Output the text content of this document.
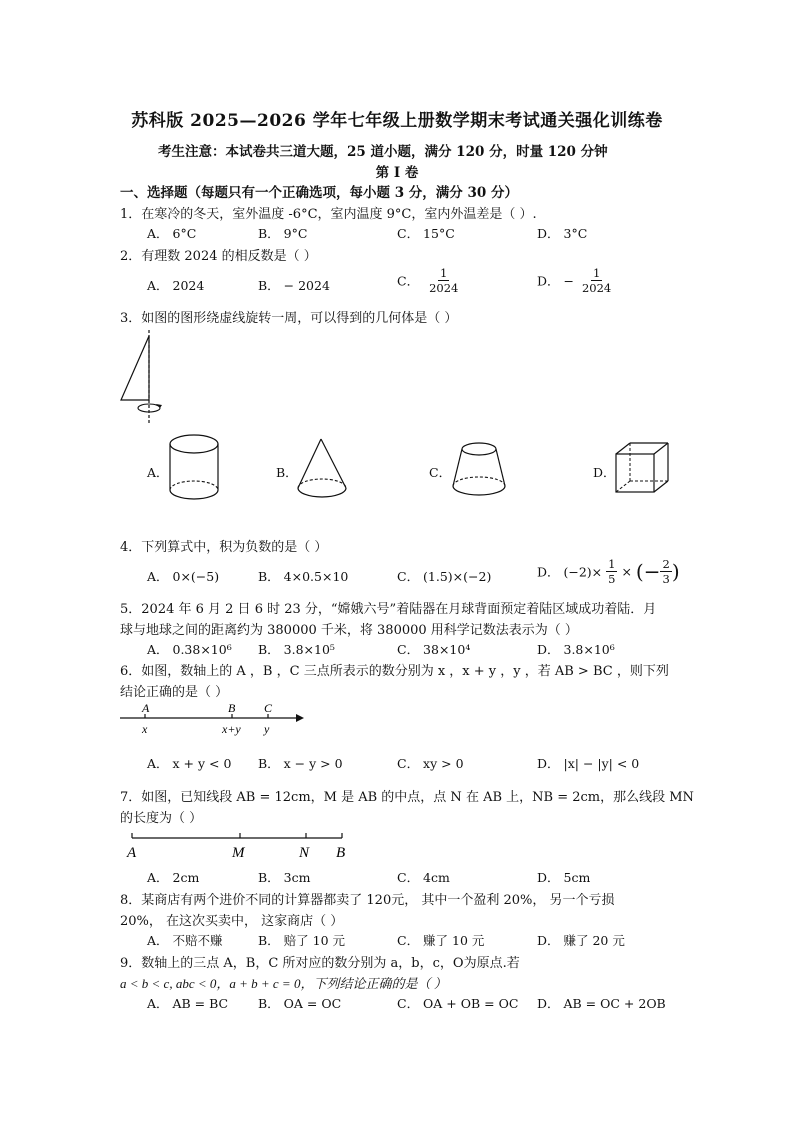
苏科版 2025—2026 学年七年级上册数学期末考试通关强化训练卷
考生注意：本试卷共三道大题，25 道小题，满分 120 分，时量 120 分钟
第 I 卷
一、选择题（每题只有一个正确选项，每小题 3 分，满分 30 分）
1．在寒冷的冬天，室外温度 -6°C，室内温度 9°C，室内外温差是（ ）.
A． 6°C	B． 9°C	C． 15°C	D． 3°C
2．有理数 2024 的相反数是（ ）
A． 2024	B． − 2024	C． $\frac{1}{2024}$	D． − $\frac{1}{2024}$
3．如图的图形绕虚线旋转一周，可以得到的几何体是（ ）
A．	B．	C．	D．
4．下列算式中，积为负数的是（ ）
A． 0×(−5)	B． 4×0.5×10	C． (1.5)×(−2)	D． $(-2)\times \frac{1}{5}$ × (− $\frac{2}{3}$ )
5．2024 年 6 月 2 日 6 时 23 分，“嫦娥六号”着陆器在月球背面预定着陆区域成功着陆．月
球与地球之间的距离约为 380000 千米，将 380000 用科学记数法表示为（ ）
A． 0.38×10⁶ B． 3.8×10⁵	C． 38×10⁴	D． 3.8×10⁶
6．如图，数轴上的 A ，B ，C 三点所表示的数分别为 x ，x + y ，y ，若 AB > BC ，则下列
结论正确的是（ ）
A	B C
x	x+y y
A． x + y < 0 B． x − y > 0	C． xy > 0	D． |x| − |y| < 0
7．如图，已知线段 AB = 12cm，M 是 AB 的中点，点 N 在 AB 上，NB = 2cm，那么线段 MN
的长度为（ ）
A	M	N B
A． 2cm	B． 3cm	C． 4cm	D． 5cm
8．某商店有两个进价不同的计算器都卖了 120元， 其中一个盈利 20%， 另一个亏损
20%， 在这次买卖中， 这家商店（ ）
A． 不赔不赚	B． 赔了 10 元	C． 赚了 10 元	D． 赚了 20 元
9．数轴上的三点 A，B，C 所对应的数分别为 a，b，c，O为原点.若
a < b < c, abc < 0，a + b + c = 0，下列结论正确的是（ ）
A． AB = BC B． OA = OC	C． OA + OB = OC D． AB = OC + 2OB
